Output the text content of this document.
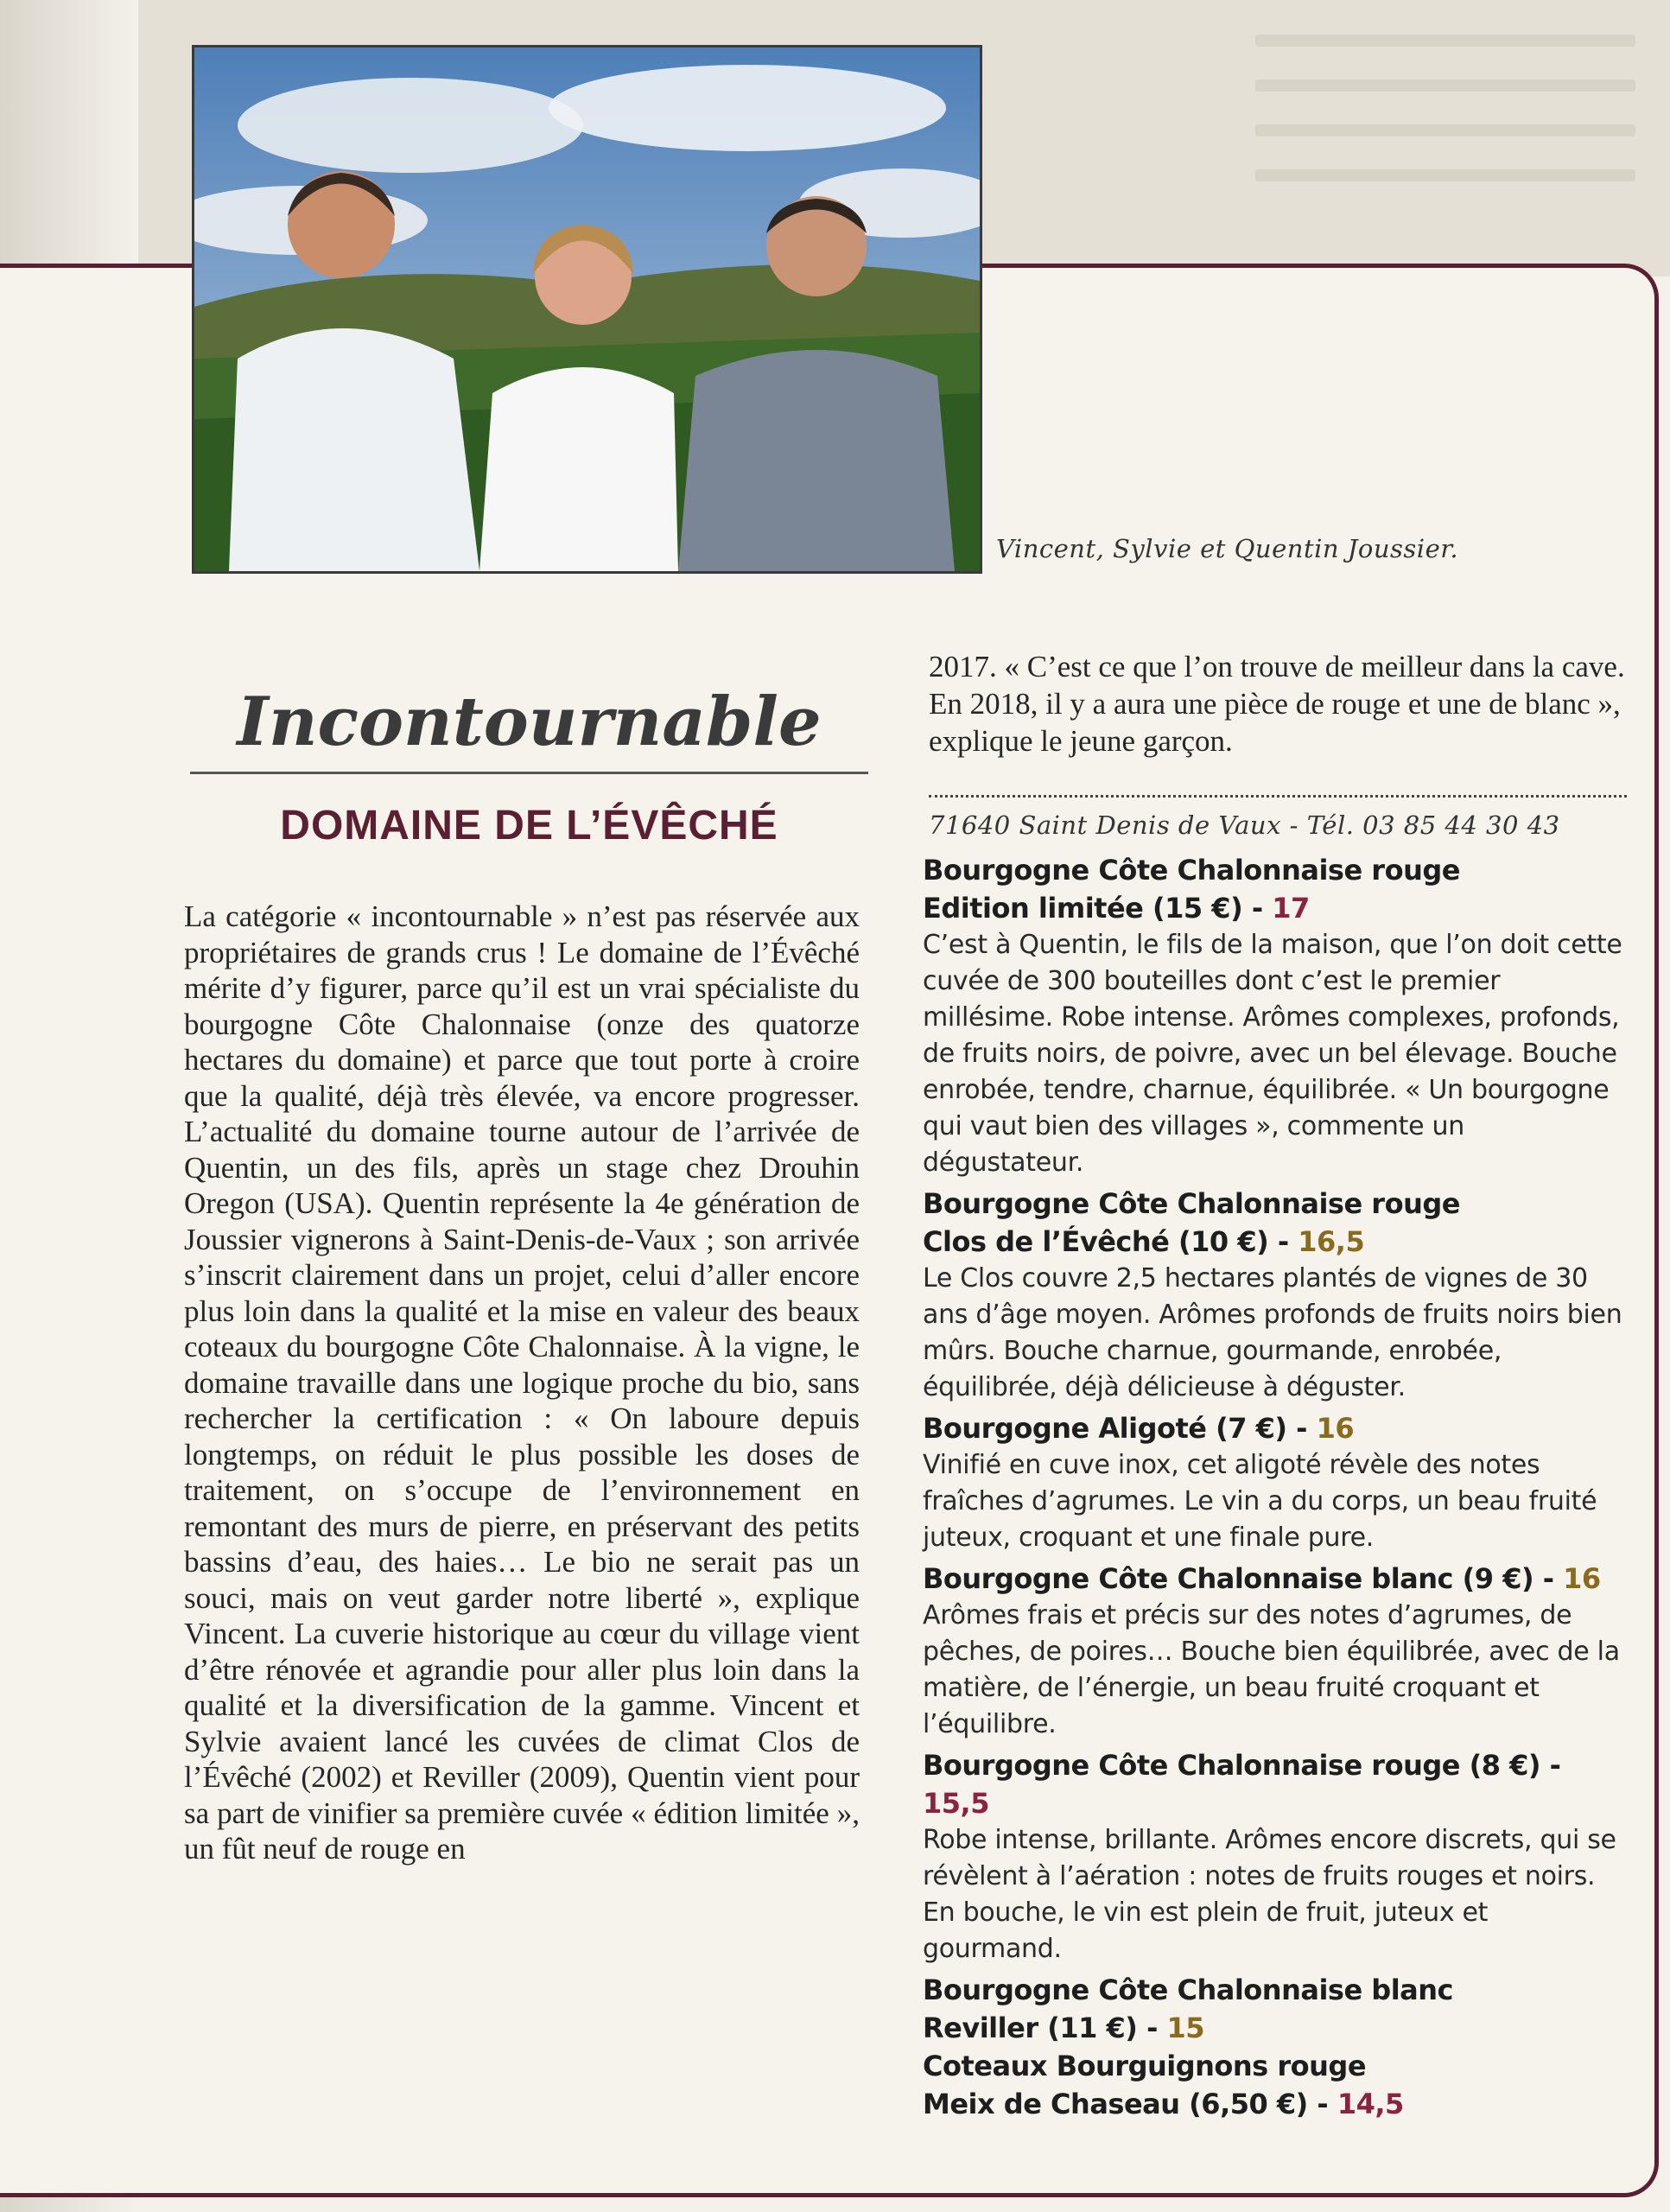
Vincent, Sylvie et Quentin Joussier.
Incontournable
DOMAINE DE L’ÉVÊCHÉ

La catégorie « incontournable » n’est pas réservée aux propriétaires de grands crus ! Le domaine de l’Évêché mérite d’y figurer, parce qu’il est un vrai spécialiste du bourgogne Côte Chalonnaise (onze des quatorze hectares du domaine) et parce que tout porte à croire que la qualité, déjà très élevée, va encore progresser. L’actualité du domaine tourne autour de l’arrivée de Quentin, un des fils, après un stage chez Drouhin Oregon (USA). Quentin représente la 4e génération de Joussier vignerons à Saint-Denis-de-Vaux ; son arrivée s’inscrit clairement dans un projet, celui d’aller encore plus loin dans la qualité et la mise en valeur des beaux coteaux du bourgogne Côte Chalonnaise. À la vigne, le domaine travaille dans une logique proche du bio, sans rechercher la certification : « On laboure depuis longtemps, on réduit le plus possible les doses de traitement, on s’occupe de l’environnement en remontant des murs de pierre, en préservant des petits bassins d’eau, des haies… Le bio ne serait pas un souci, mais on veut garder notre liberté », explique Vincent. La cuverie historique au cœur du village vient d’être rénovée et agrandie pour aller plus loin dans la qualité et la diversification de la gamme. Vincent et Sylvie avaient lancé les cuvées de climat Clos de l’Évêché (2002) et Reviller (2009), Quentin vient pour sa part de vinifier sa première cuvée « édition limitée », un fût neuf de rouge en

2017. « C’est ce que l’on trouve de meilleur dans la cave. En 2018, il y a aura une pièce de rouge et une de blanc », explique le jeune garçon.

71640 Saint Denis de Vaux - Tél. 03 85 44 30 43
Bourgogne Côte Chalonnaise rouge
Edition limitée (15 €) - 17
C’est à Quentin, le fils de la maison, que l’on doit cette cuvée de 300 bouteilles dont c’est le premier millésime. Robe intense. Arômes complexes, profonds, de fruits noirs, de poivre, avec un bel élevage. Bouche enrobée, tendre, charnue, équilibrée. « Un bourgogne qui vaut bien des villages », commente un dégustateur.
Bourgogne Côte Chalonnaise rouge
Clos de l’Évêché (10 €) - 16,5
Le Clos couvre 2,5 hectares plantés de vignes de 30 ans d’âge moyen. Arômes profonds de fruits noirs bien mûrs. Bouche charnue, gourmande, enrobée, équilibrée, déjà délicieuse à déguster.
Bourgogne Aligoté (7 €) - 16
Vinifié en cuve inox, cet aligoté révèle des notes fraîches d’agrumes. Le vin a du corps, un beau fruité juteux, croquant et une finale pure.
Bourgogne Côte Chalonnaise blanc (9 €) - 16
Arômes frais et précis sur des notes d’agrumes, de pêches, de poires… Bouche bien équilibrée, avec de la matière, de l’énergie, un beau fruité croquant et l’équilibre.
Bourgogne Côte Chalonnaise rouge (8 €) - 15,5
Robe intense, brillante. Arômes encore discrets, qui se révèlent à l’aération : notes de fruits rouges et noirs. En bouche, le vin est plein de fruit, juteux et gourmand.
Bourgogne Côte Chalonnaise blanc
Reviller (11 €) - 15
Coteaux Bourguignons rouge
Meix de Chaseau (6,50 €) - 14,5
